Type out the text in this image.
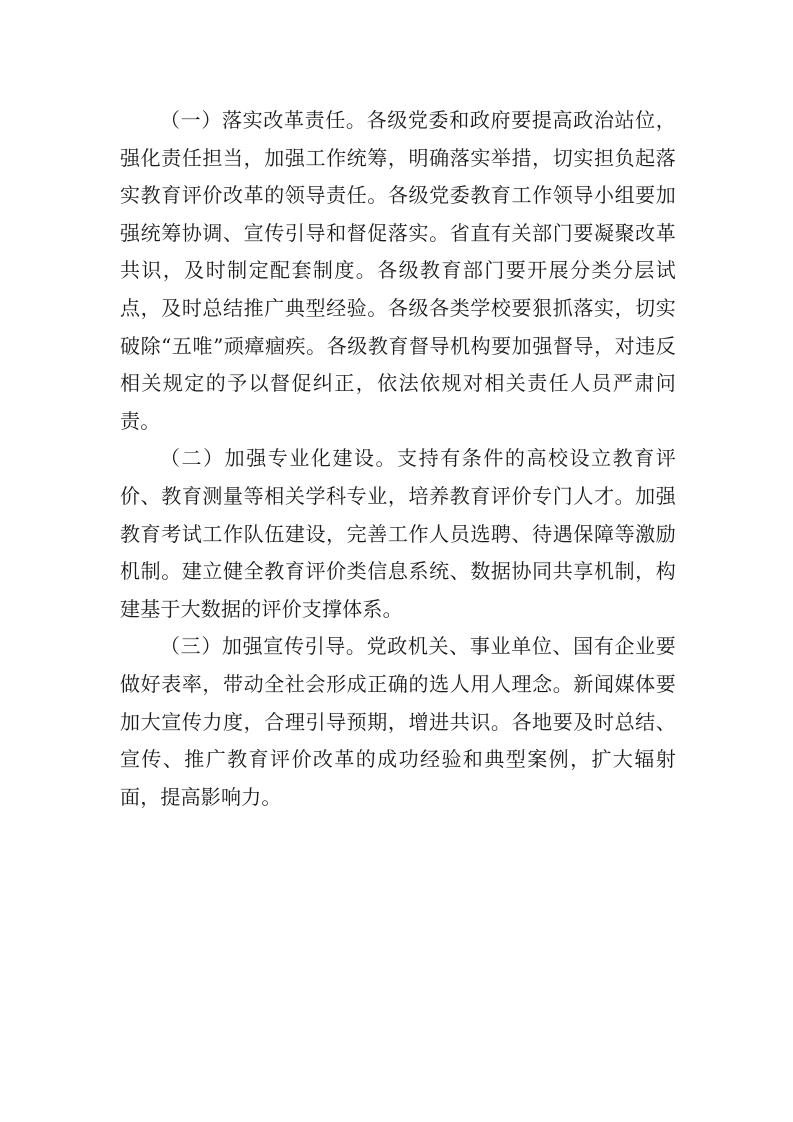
（一）落实改革责任。各级党委和政府要提高政治站位，强化责任担当，加强工作统筹，明确落实举措，切实担负起落实教育评价改革的领导责任。各级党委教育工作领导小组要加强统筹协调、宣传引导和督促落实。省直有关部门要凝聚改革共识，及时制定配套制度。各级教育部门要开展分类分层试点，及时总结推广典型经验。各级各类学校要狠抓落实，切实破除“五唯”顽瘴痼疾。各级教育督导机构要加强督导，对违反相关规定的予以督促纠正，依法依规对相关责任人员严肃问责。

（二）加强专业化建设。支持有条件的高校设立教育评价、教育测量等相关学科专业，培养教育评价专门人才。加强教育考试工作队伍建设，完善工作人员选聘、待遇保障等激励机制。建立健全教育评价类信息系统、数据协同共享机制，构建基于大数据的评价支撑体系。

（三）加强宣传引导。党政机关、事业单位、国有企业要做好表率，带动全社会形成正确的选人用人理念。新闻媒体要加大宣传力度，合理引导预期，增进共识。各地要及时总结、宣传、推广教育评价改革的成功经验和典型案例，扩大辐射面，提高影响力。
